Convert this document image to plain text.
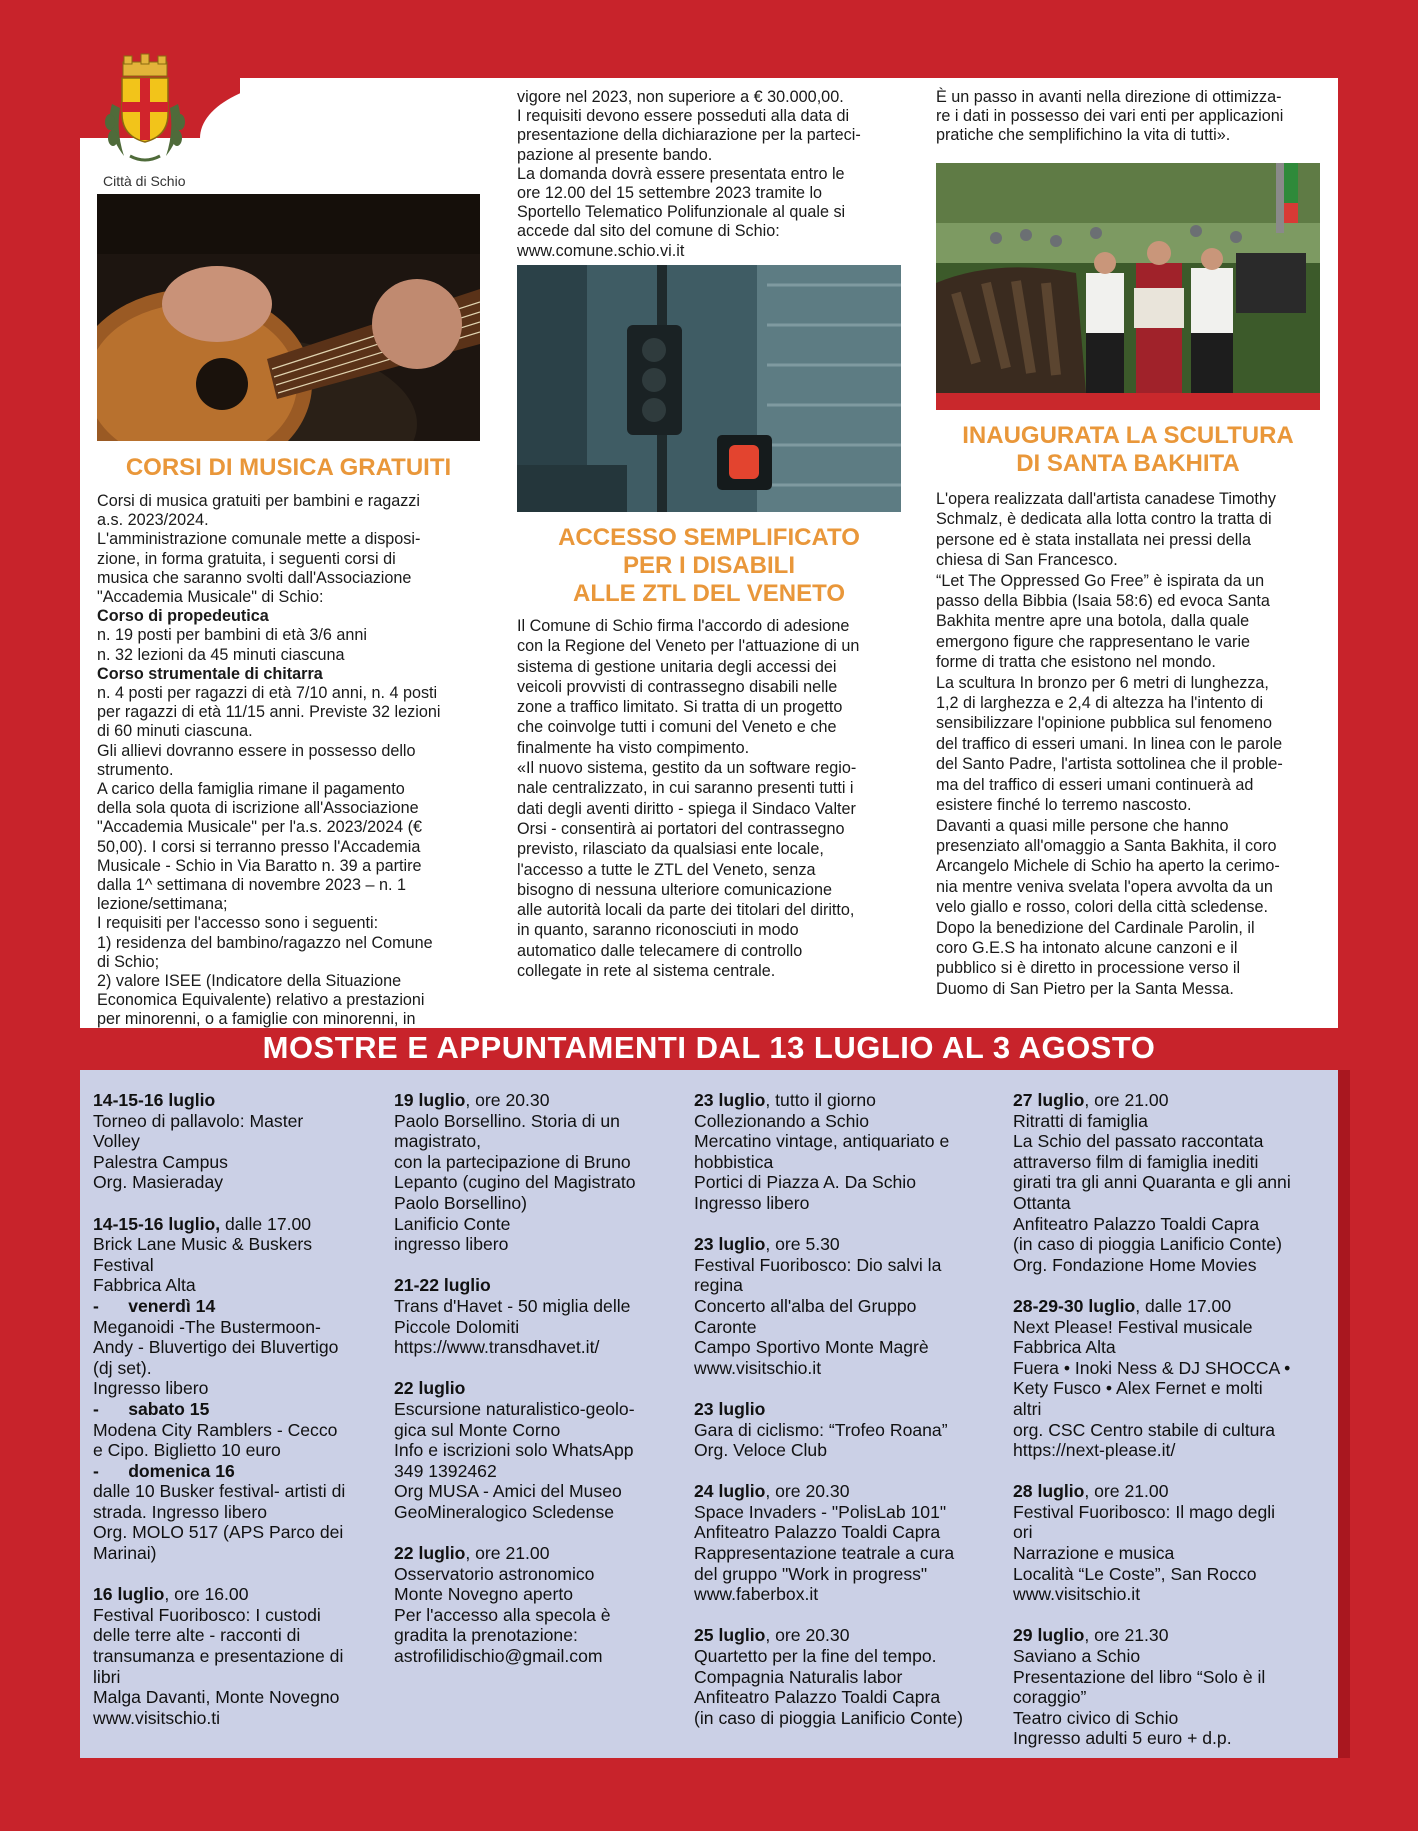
Città di Schio
CORSI DI MUSICA GRATUITI

Corsi di musica gratuiti per bambini e ragazzi

a.s. 2023/2024.

L'amministrazione comunale mette a disposi-

zione, in forma gratuita, i seguenti corsi di

musica che saranno svolti dall'Associazione

"Accademia Musicale" di Schio:

Corso di propedeutica

n. 19 posti per bambini di età 3/6 anni

n. 32 lezioni da 45 minuti ciascuna

Corso strumentale di chitarra

n. 4 posti per ragazzi di età 7/10 anni, n. 4 posti

per ragazzi di età 11/15 anni. Previste 32 lezioni

di 60 minuti ciascuna.

Gli allievi dovranno essere in possesso dello

strumento.

A carico della famiglia rimane il pagamento

della sola quota di iscrizione all'Associazione

"Accademia Musicale" per l'a.s. 2023/2024 (€

50,00). I corsi si terranno presso l'Accademia

Musicale - Schio in Via Baratto n. 39 a partire

dalla 1^ settimana di novembre 2023 – n. 1

lezione/settimana;

I requisiti per l'accesso sono i seguenti:

1) residenza del bambino/ragazzo nel Comune

di Schio;

2) valore ISEE (Indicatore della Situazione

Economica Equivalente) relativo a prestazioni

per minorenni, o a famiglie con minorenni, in

vigore nel 2023, non superiore a € 30.000,00.

I requisiti devono essere posseduti alla data di

presentazione della dichiarazione per la parteci-

pazione al presente bando.

La domanda dovrà essere presentata entro le

ore 12.00 del 15 settembre 2023 tramite lo

Sportello Telematico Polifunzionale al quale si

accede dal sito del comune di Schio:

www.comune.schio.vi.it

ACCESSO SEMPLIFICATO
PER I DISABILI
ALLE ZTL DEL VENETO

Il Comune di Schio firma l'accordo di adesione

con la Regione del Veneto per l'attuazione di un

sistema di gestione unitaria degli accessi dei

veicoli provvisti di contrassegno disabili nelle

zone a traffico limitato. Si tratta di un progetto

che coinvolge tutti i comuni del Veneto e che

finalmente ha visto compimento.

«Il nuovo sistema, gestito da un software regio-

nale centralizzato, in cui saranno presenti tutti i

dati degli aventi diritto - spiega il Sindaco Valter

Orsi - consentirà ai portatori del contrassegno

previsto, rilasciato da qualsiasi ente locale,

l'accesso a tutte le ZTL del Veneto, senza

bisogno di nessuna ulteriore comunicazione

alle autorità locali da parte dei titolari del diritto,

in quanto, saranno riconosciuti in modo

automatico dalle telecamere di controllo

collegate in rete al sistema centrale.

È un passo in avanti nella direzione di ottimizza-

re i dati in possesso dei vari enti per applicazioni

pratiche che semplifichino la vita di tutti».

INAUGURATA LA SCULTURA
DI SANTA BAKHITA

L'opera realizzata dall'artista canadese Timothy

Schmalz, è dedicata alla lotta contro la tratta di

persone ed è stata installata nei pressi della

chiesa di San Francesco.

“Let The Oppressed Go Free” è ispirata da un

passo della Bibbia (Isaia 58:6) ed evoca Santa

Bakhita mentre apre una botola, dalla quale

emergono figure che rappresentano le varie

forme di tratta che esistono nel mondo.

La scultura In bronzo per 6 metri di lunghezza,

1,2 di larghezza e 2,4 di altezza ha l'intento di

sensibilizzare l'opinione pubblica sul fenomeno

del traffico di esseri umani. In linea con le parole

del Santo Padre, l'artista sottolinea che il proble-

ma del traffico di esseri umani continuerà ad

esistere finché lo terremo nascosto.

Davanti a quasi mille persone che hanno

presenziato all'omaggio a Santa Bakhita, il coro

Arcangelo Michele di Schio ha aperto la cerimo-

nia mentre veniva svelata l'opera avvolta da un

velo giallo e rosso, colori della città scledense.

Dopo la benedizione del Cardinale Parolin, il

coro G.E.S ha intonato alcune canzoni e il

pubblico si è diretto in processione verso il

Duomo di San Pietro per la Santa Messa.

MOSTRE E APPUNTAMENTI DAL 13 LUGLIO AL 3 AGOSTO
14-15-16 luglio
Torneo di pallavolo: Master
Volley
Palestra Campus
Org. Masieraday
14-15-16 luglio, dalle 17.00
Brick Lane Music & Buskers
Festival
Fabbrica Alta
-      venerdì 14
Meganoidi -The Bustermoon-
Andy - Bluvertigo dei Bluvertigo
(dj set).
Ingresso libero
-      sabato 15
Modena City Ramblers - Cecco
e Cipo. Biglietto 10 euro
-      domenica 16
dalle 10 Busker festival- artisti di
strada. Ingresso libero
Org. MOLO 517 (APS Parco dei
Marinai)
16 luglio, ore 16.00
Festival Fuoribosco: I custodi
delle terre alte - racconti di
transumanza e presentazione di
libri
Malga Davanti, Monte Novegno
www.visitschio.ti
19 luglio, ore 20.30
Paolo Borsellino. Storia di un
magistrato,
con la partecipazione di Bruno
Lepanto (cugino del Magistrato
Paolo Borsellino)
Lanificio Conte
ingresso libero
21-22 luglio
Trans d'Havet - 50 miglia delle
Piccole Dolomiti
https://www.transdhavet.it/
22 luglio
Escursione naturalistico-geolo-
gica sul Monte Corno
Info e iscrizioni solo WhatsApp
349 1392462
Org MUSA - Amici del Museo
GeoMineralogico Scledense
22 luglio, ore 21.00
Osservatorio astronomico
Monte Novegno aperto
Per l'accesso alla specola è
gradita la prenotazione:
astrofilidischio@gmail.com
23 luglio, tutto il giorno
Collezionando a Schio
Mercatino vintage, antiquariato e
hobbistica
Portici di Piazza A. Da Schio
Ingresso libero
23 luglio, ore 5.30
Festival Fuoribosco: Dio salvi la
regina
Concerto all'alba del Gruppo
Caronte
Campo Sportivo Monte Magrè
www.visitschio.it
23 luglio
Gara di ciclismo: “Trofeo Roana”
Org. Veloce Club
24 luglio, ore 20.30
Space Invaders - "PolisLab 101"
Anfiteatro Palazzo Toaldi Capra
Rappresentazione teatrale a cura
del gruppo "Work in progress"
www.faberbox.it
25 luglio, ore 20.30
Quartetto per la fine del tempo.
Compagnia Naturalis labor
Anfiteatro Palazzo Toaldi Capra
(in caso di pioggia Lanificio Conte)
27 luglio, ore 21.00
Ritratti di famiglia
La Schio del passato raccontata
attraverso film di famiglia inediti
girati tra gli anni Quaranta e gli anni
Ottanta
Anfiteatro Palazzo Toaldi Capra
(in caso di pioggia Lanificio Conte)
Org. Fondazione Home Movies
28-29-30 luglio, dalle 17.00
Next Please! Festival musicale
Fabbrica Alta
Fuera • Inoki Ness & DJ SHOCCA •
Kety Fusco • Alex Fernet e molti
altri
org. CSC Centro stabile di cultura
https://next-please.it/
28 luglio, ore 21.00
Festival Fuoribosco: Il mago degli
ori
Narrazione e musica
Località “Le Coste”, San Rocco
www.visitschio.it
29 luglio, ore 21.30
Saviano a Schio
Presentazione del libro “Solo è il
coraggio”
Teatro civico di Schio
Ingresso adulti 5 euro + d.p.
